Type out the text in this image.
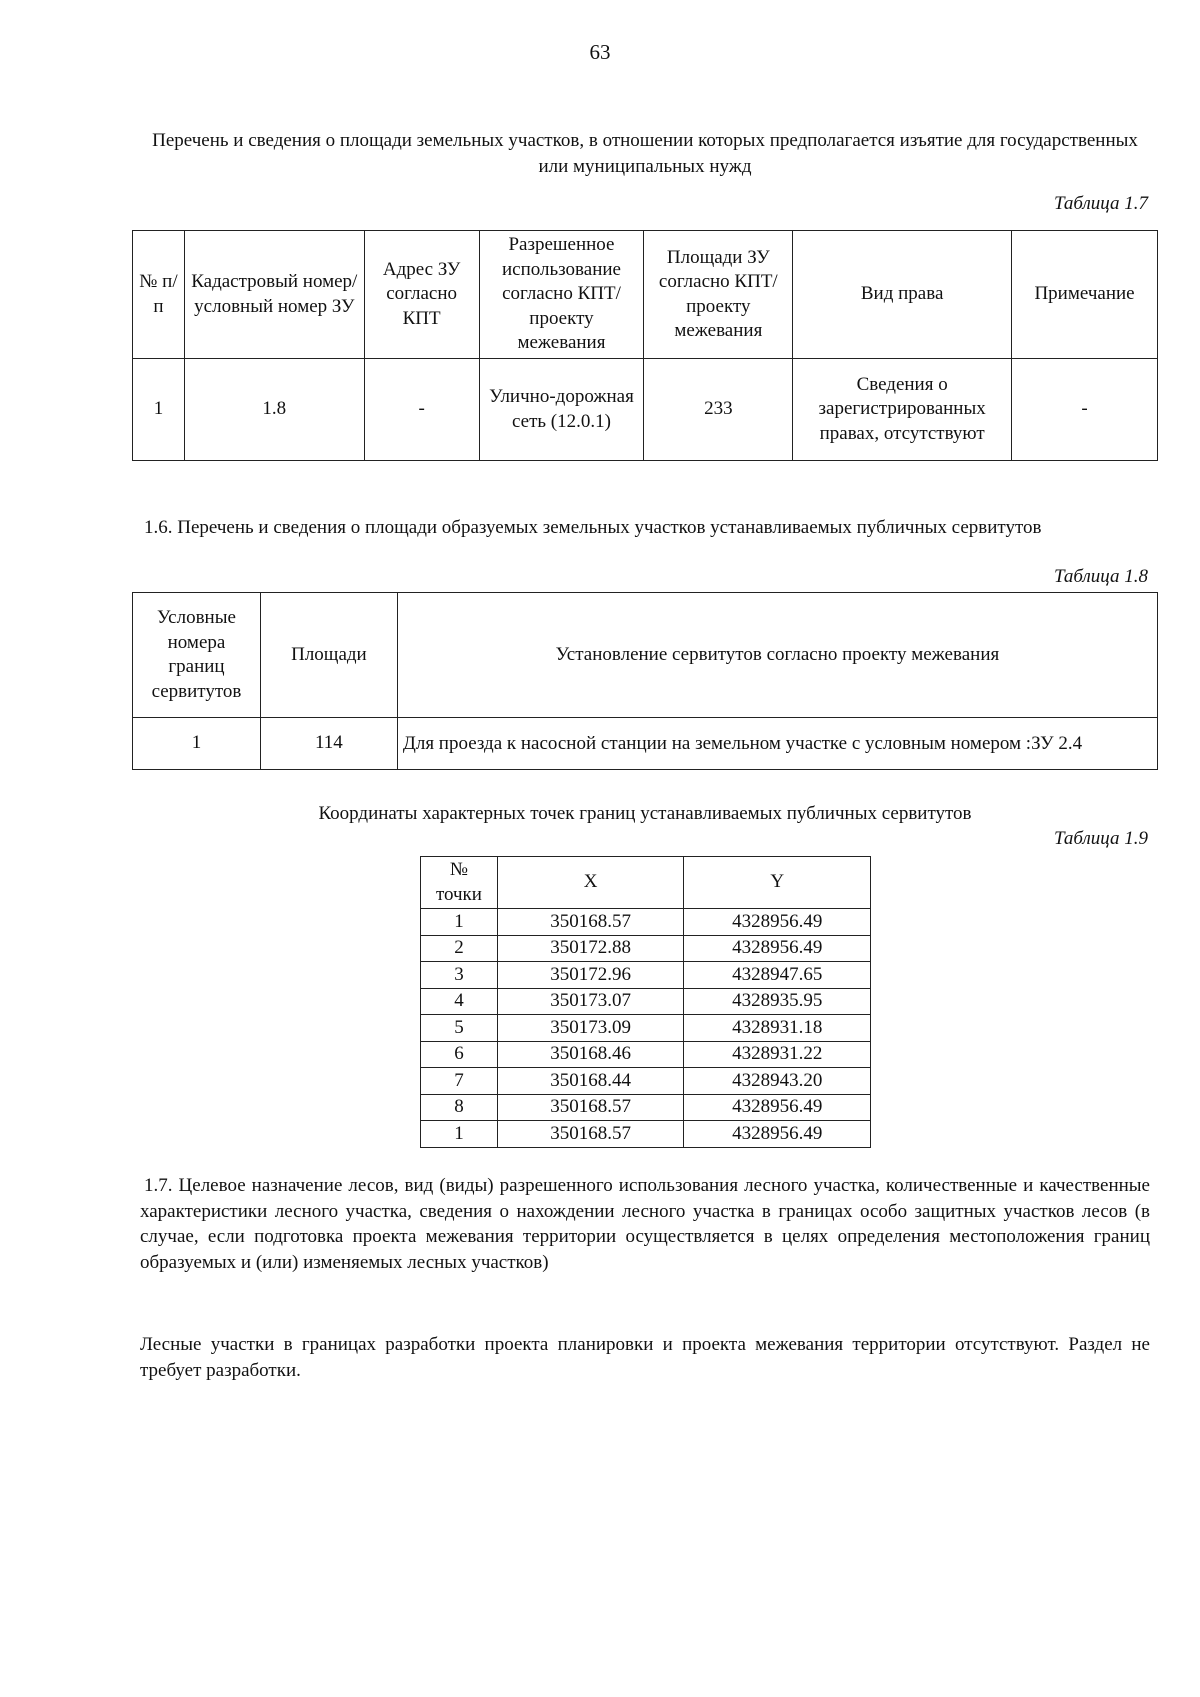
63
Перечень и сведения о площади земельных участков, в отношении которых предполагается изъятие для государственных или муниципальных нужд
Таблица 1.7
№ п/п	Кадастровый номер/условный номер ЗУ	Адрес ЗУ согласно КПТ	Разрешенное использование согласно КПТ/ проекту межевания	Площади ЗУ согласно КПТ/проекту межевания	Вид права	Примечание
1	1.8	-	Улично-дорожная сеть (12.0.1)	233	Сведения о зарегистрированных правах, отсутствуют	-
1.6. Перечень и сведения о площади образуемых земельных участков устанавливаемых публичных сервитутов
Таблица 1.8
Условные номера границ сервитутов	Площади	Установление сервитутов согласно проекту межевания
1	114	Для проезда к насосной станции на земельном участке с условным номером :ЗУ 2.4
Координаты характерных точек границ устанавливаемых публичных сервитутов
Таблица 1.9
№ точки	X	Y
1	350168.57	4328956.49
2	350172.88	4328956.49
3	350172.96	4328947.65
4	350173.07	4328935.95
5	350173.09	4328931.18
6	350168.46	4328931.22
7	350168.44	4328943.20
8	350168.57	4328956.49
1	350168.57	4328956.49
1.7. Целевое назначение лесов, вид (виды) разрешенного использования лесного участка, количественные и качественные характеристики лесного участка, сведения о нахождении лесного участка в границах особо защитных участков лесов (в случае, если подготовка проекта межевания территории осуществляется в целях определения местоположения границ образуемых и (или) изменяемых лесных участков)
Лесные участки в границах разработки проекта планировки и проекта межевания территории отсутствуют. Раздел не требует разработки.
